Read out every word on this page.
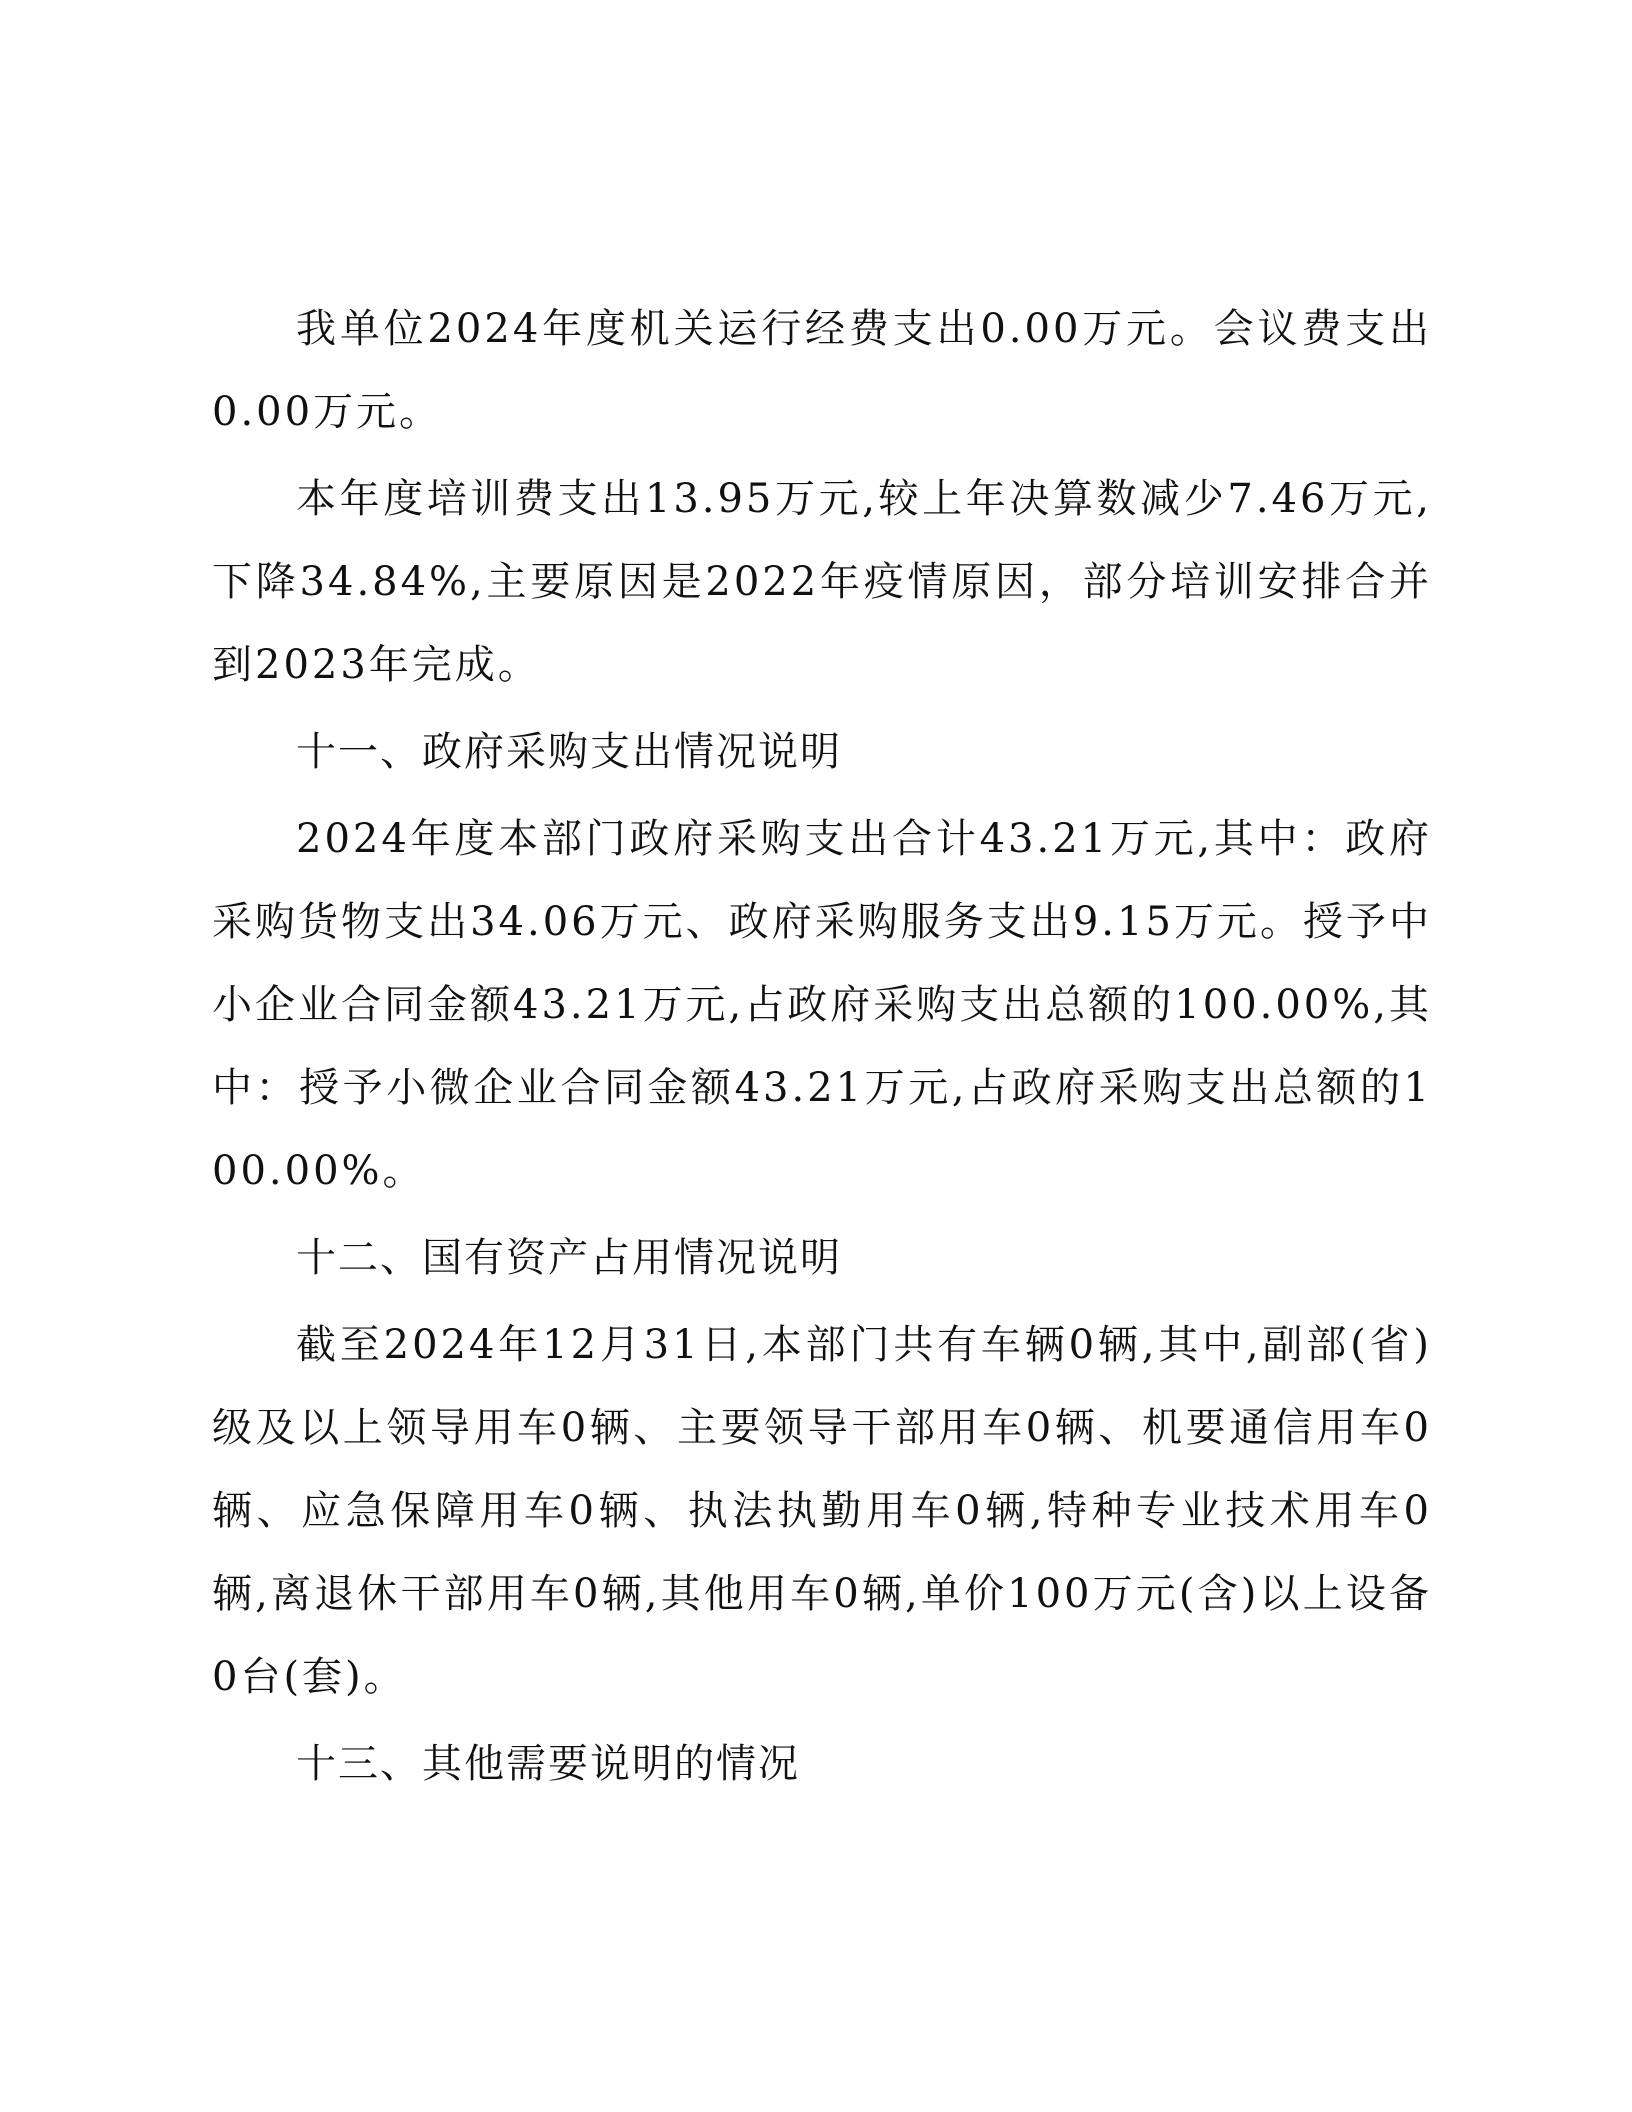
我单位2024年度机关运行经费支出0.00万元。会议费支出0.00万元。

本年度培训费支出13.95万元,较上年决算数减少7.46万元,下降34.84%,主要原因是2022年疫情原因，部分培训安排合并到2023年完成。

十一、政府采购支出情况说明

2024年度本部门政府采购支出合计43.21万元,其中：政府采购货物支出34.06万元、政府采购服务支出9.15万元。授予中小企业合同金额43.21万元,占政府采购支出总额的100.00%,其中：授予小微企业合同金额43.21万元,占政府采购支出总额的100.00%。

十二、国有资产占用情况说明

截至2024年12月31日,本部门共有车辆0辆,其中,副部(省)级及以上领导用车0辆、主要领导干部用车0辆、机要通信用车0辆、应急保障用车0辆、执法执勤用车0辆,特种专业技术用车0辆,离退休干部用车0辆,其他用车0辆,单价100万元(含)以上设备0台(套)。

十三、其他需要说明的情况
